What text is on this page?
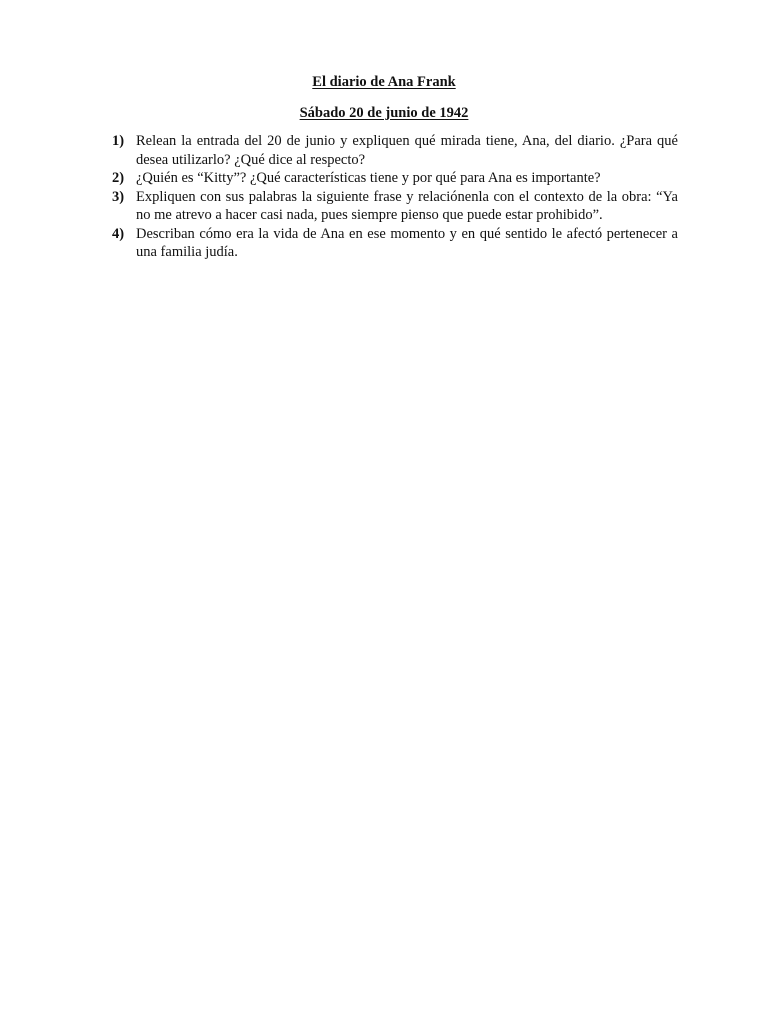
El diario de Ana Frank
Sábado 20 de junio de 1942
1) Relean la entrada del 20 de junio y expliquen qué mirada tiene, Ana, del diario. ¿Para qué desea utilizarlo? ¿Qué dice al respecto?
2) ¿Quién es “Kitty”? ¿Qué características tiene y por qué para Ana es importante?
3) Expliquen con sus palabras la siguiente frase y relaciónenla con el contexto de la obra: “Ya no me atrevo a hacer casi nada, pues siempre pienso que puede estar prohibido”.
4) Describan cómo era la vida de Ana en ese momento y en qué sentido le afectó pertenecer a una familia judía.
